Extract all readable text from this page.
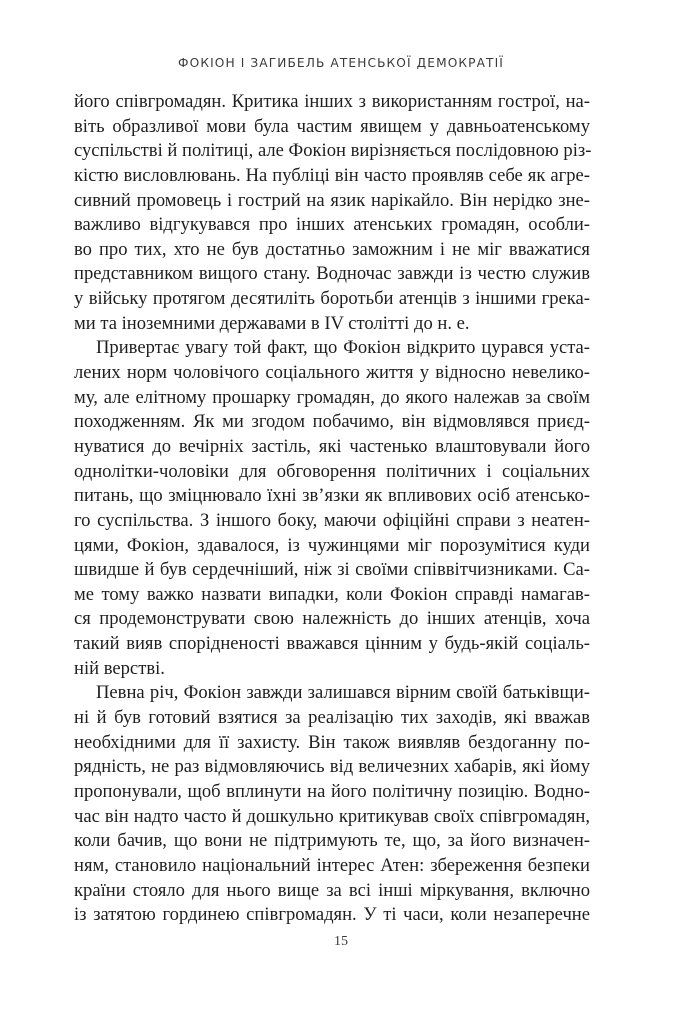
ФОКІОН І ЗАГИБЕЛЬ АТЕНСЬКОЇ ДЕМОКРАТІЇ
його співгромадян. Критика інших з використанням гострої, на-
віть образливої мови була частим явищем у давньоатенському
суспільстві й політиці, але Фокіон вирізняється послідовною різ-
кістю висловлювань. На публіці він часто проявляв себе як агре-
сивний промовець і гострий на язик нарікайло. Він нерідко зне-
важливо відгукувався про інших атенських громадян, особли-
во про тих, хто не був достатньо заможним і не міг вважатися
представником вищого стану. Водночас завжди із честю служив
у війську протягом десятиліть боротьби атенців з іншими грека-
ми та іноземними державами в IV столітті до н. е.
Привертає увагу той факт, що Фокіон відкрито цурався уста-
лених норм чоловічого соціального життя у відносно невелико-
му, але елітному прошарку громадян, до якого належав за своїм
походженням. Як ми згодом побачимо, він відмовлявся приєд-
нуватися до вечірніх застіль, які частенько влаштовували його
однолітки-чоловіки для обговорення політичних і соціальних
питань, що зміцнювало їхні зв’язки як впливових осіб атенсько-
го суспільства. З іншого боку, маючи офіційні справи з неатен-
цями, Фокіон, здавалося, із чужинцями міг порозумітися куди
швидше й був сердечніший, ніж зі своїми співвітчизниками. Са-
ме тому важко назвати випадки, коли Фокіон справді намагав-
ся продемонструвати свою належність до інших атенців, хоча
такий вияв спорідненості вважався цінним у будь-якій соціаль-
ній верстві.
Певна річ, Фокіон завжди залишався вірним своїй батьківщи-
ні й був готовий взятися за реалізацію тих заходів, які вважав
необхідними для її захисту. Він також виявляв бездоганну по-
рядність, не раз відмовляючись від величезних хабарів, які йому
пропонували, щоб вплинути на його політичну позицію. Водно-
час він надто часто й дошкульно критикував своїх співгромадян,
коли бачив, що вони не підтримують те, що, за його визначен-
ням, становило національний інтерес Атен: збереження безпеки
країни стояло для нього вище за всі інші міркування, включно
із затятою гординею співгромадян. У ті часи, коли незаперечне
15
